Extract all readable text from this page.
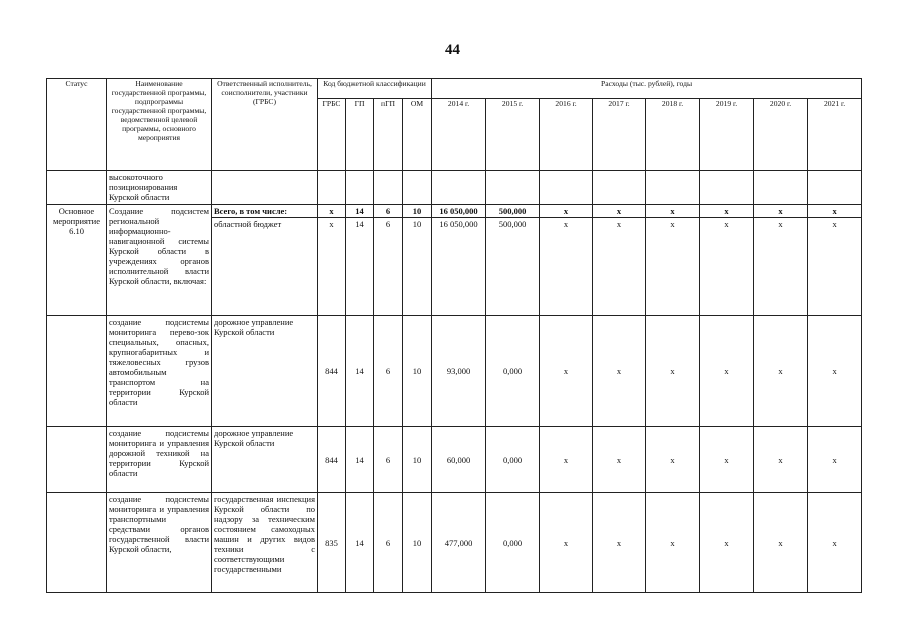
44
Статус	Наименование государственной программы, подпрограммы государственной программы, ведомственной целевой программы, основного мероприятия	Ответственный исполнитель, соисполнители, участники (ГРБС)	Код бюджетной классификации				Расходы (тыс. рублей), годы							
			ГРБС	ГП	пГП	ОМ	2014 г.	2015 г.	2016 г.	2017 г.	2018 г.	2019 г.	2020 г.	2021 г.
	высокоточного позиционирования Курской области													
Основное мероприятие 6.10	Создание подсистем региональной информационно-навигационной системы Курской области в учреждениях органов исполнительной власти Курской области, включая:	Всего, в том числе:	x	14	6	10	16 050,000	500,000	x	x	x	x	x	x
		областной бюджет	x	14	6	10	16 050,000	500,000	x	x	x	x	x	x
	создание подсистемы мониторинга перево-зок специальных, опасных, крупногабаритных и тяжеловесных грузов автомобильным транспортом на территории Курской области	дорожное управление Курской области	844	14	6	10	93,000	0,000	x	x	x	x	x	x
	создание подсистемы мониторинга и управления дорожной техникой на территории Курской области	дорожное управление Курской области	844	14	6	10	60,000	0,000	x	x	x	x	x	x
	создание подсистемы мониторинга и управления транспортными средствами органов государственной власти Курской области,	государственная инспекция Курской области по надзору за техническим состоянием самоходных машин и других видов техники с соответствующими государственными	835	14	6	10	477,000	0,000	x	x	x	x	x	x
